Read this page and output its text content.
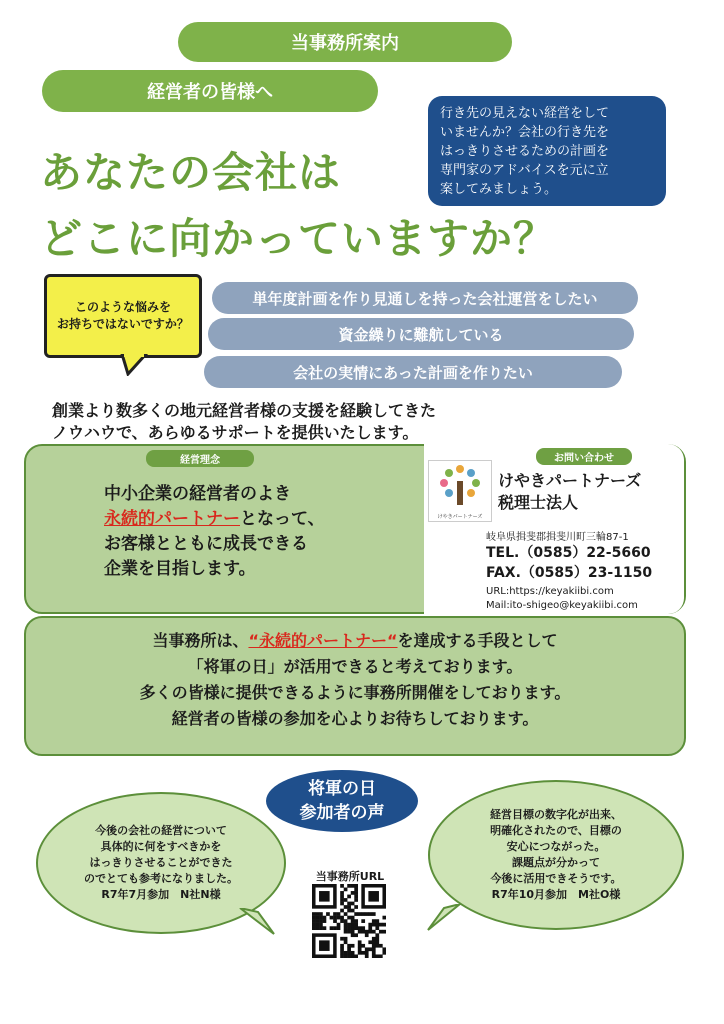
当事務所案内
経営者の皆様へ
あなたの会社は
どこに向かっていますか？
行き先の見えない経営をして
いませんか？会社の行き先を
はっきりさせるための計画を
専門家のアドバイスを元に立
案してみましょう。
このような悩みを
お持ちではないですか？
単年度計画を作り見通しを持った会社運営をしたい
資金繰りに難航している
会社の実情にあった計画を作りたい
創業より数多くの地元経営者様の支援を経験してきた
ノウハウで、あらゆるサポートを提供いたします。
経営理念
中小企業の経営者のよき
永続的パートナーとなって、
お客様とともに成長できる
企業を目指します。
お問い合わせ
けやきパートナーズ
けやきパートナーズ
税理士法人
岐阜県揖斐郡揖斐川町三輪87-1
TEL.（0585）22-5660
FAX.（0585）23-1150
URL:https://keyakiibi.com
Mail:ito-shigeo@keyakiibi.com
当事務所は、“永続的パートナー“を達成する手段として
「将軍の日」が活用できると考えております。
多くの皆様に提供できるように事務所開催をしております。
経営者の皆様の参加を心よりお待ちしております。
将軍の日
参加者の声
今後の会社の経営について
具体的に何をすべきかを
はっきりさせることができた
のでとても参考になりました。
R7年7月参加　N社N様
経営目標の数字化が出来、
明確化されたので、目標の
安心につながった。
課題点が分かって
今後に活用できそうです。
R7年10月参加　M社O様
当事務所URL
